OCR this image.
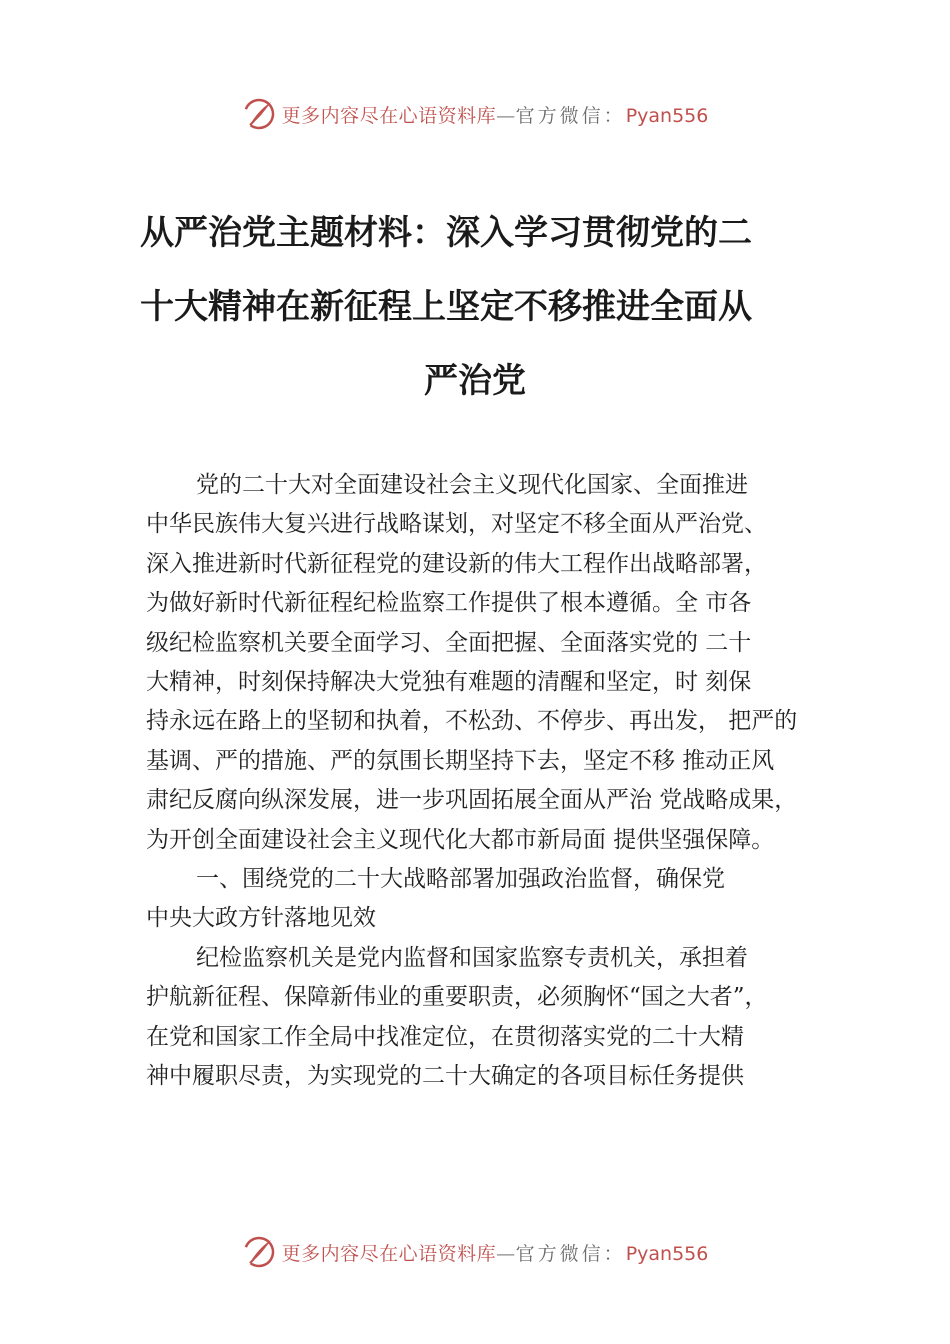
更多内容尽在心语资料库—官方微信：Pyan556
从严治党主题材料：深入学习贯彻党的二
十大精神在新征程上坚定不移推进全面从
严治党
党的二十大对全面建设社会主义现代化国家、全面推进
中华民族伟大复兴进行战略谋划，对坚定不移全面从严治党、
深入推进新时代新征程党的建设新的伟大工程作出战略部署，
为做好新时代新征程纪检监察工作提供了根本遵循。全 市各
级纪检监察机关要全面学习、全面把握、全面落实党的 二十
大精神，时刻保持解决大党独有难题的清醒和坚定，时 刻保
持永远在路上的坚韧和执着，不松劲、不停步、再出发， 把严的
基调、严的措施、严的氛围长期坚持下去，坚定不移 推动正风
肃纪反腐向纵深发展，进一步巩固拓展全面从严治 党战略成果，
为开创全面建设社会主义现代化大都市新局面 提供坚强保障。
一、围绕党的二十大战略部署加强政治监督，确保党
中央大政方针落地见效
纪检监察机关是党内监督和国家监察专责机关，承担着
护航新征程、保障新伟业的重要职责，必须胸怀“国之大者”，
在党和国家工作全局中找准定位，在贯彻落实党的二十大精
神中履职尽责，为实现党的二十大确定的各项目标任务提供
更多内容尽在心语资料库—官方微信：Pyan556
